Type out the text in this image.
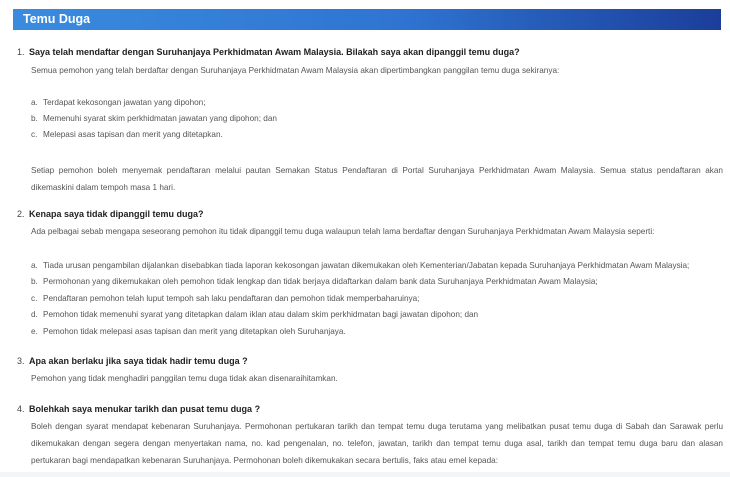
Temu Duga
1. Saya telah mendaftar dengan Suruhanjaya Perkhidmatan Awam Malaysia. Bilakah saya akan dipanggil temu duga?
Semua pemohon yang telah berdaftar dengan Suruhanjaya Perkhidmatan Awam Malaysia akan dipertimbangkan panggilan temu duga sekiranya:
a. Terdapat kekosongan jawatan yang dipohon;
b. Memenuhi syarat skim perkhidmatan jawatan yang dipohon; dan
c. Melepasi asas tapisan dan merit yang ditetapkan.
Setiap pemohon boleh menyemak pendaftaran melalui pautan Semakan Status Pendaftaran di Portal Suruhanjaya Perkhidmatan Awam Malaysia. Semua status pendaftaran akan dikemaskini dalam tempoh masa 1 hari.
2. Kenapa saya tidak dipanggil temu duga?
Ada pelbagai sebab mengapa seseorang pemohon itu tidak dipanggil temu duga walaupun telah lama berdaftar dengan Suruhanjaya Perkhidmatan Awam Malaysia seperti:
a. Tiada urusan pengambilan dijalankan disebabkan tiada laporan kekosongan jawatan dikemukakan oleh Kementerian/Jabatan kepada Suruhanjaya Perkhidmatan Awam Malaysia;
b. Permohonan yang dikemukakan oleh pemohon tidak lengkap dan tidak berjaya didaftarkan dalam bank data Suruhanjaya Perkhidmatan Awam Malaysia;
c. Pendaftaran pemohon telah luput tempoh sah laku pendaftaran dan pemohon tidak memperbaharuinya;
d. Pemohon tidak memenuhi syarat yang ditetapkan dalam iklan atau dalam skim perkhidmatan bagi jawatan dipohon; dan
e. Pemohon tidak melepasi asas tapisan dan merit yang ditetapkan oleh Suruhanjaya.
3. Apa akan berlaku jika saya tidak hadir temu duga ?
Pemohon yang tidak menghadiri panggilan temu duga tidak akan disenaraihitamkan.
4. Bolehkah saya menukar tarikh dan pusat temu duga ?
Boleh dengan syarat mendapat kebenaran Suruhanjaya. Permohonan pertukaran tarikh dan tempat temu duga terutama yang melibatkan pusat temu duga di Sabah dan Sarawak perlu dikemukakan dengan segera dengan menyertakan nama, no. kad pengenalan, no. telefon, jawatan, tarikh dan tempat temu duga asal, tarikh dan tempat temu duga baru dan alasan pertukaran bagi mendapatkan kebenaran Suruhanjaya. Permohonan boleh dikemukakan secara bertulis, faks atau emel kepada:
